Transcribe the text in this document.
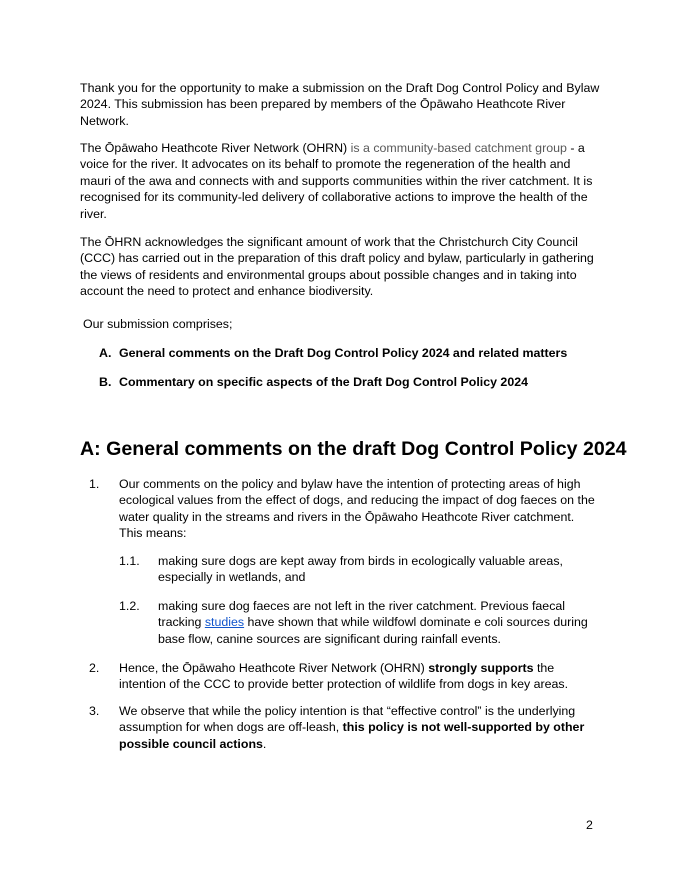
Thank you for the opportunity to make a submission on the Draft Dog Control Policy and Bylaw 2024. This submission has been prepared by members of the Ōpāwaho Heathcote River Network.

The Ōpāwaho Heathcote River Network (OHRN) is a community-based catchment group - a voice for the river. It advocates on its behalf to promote the regeneration of the health and mauri of the awa and connects with and supports communities within the river catchment. It is recognised for its community-led delivery of collaborative actions to improve the health of the river.

The ŌHRN acknowledges the significant amount of work that the Christchurch City Council (CCC) has carried out in the preparation of this draft policy and bylaw, particularly in gathering the views of residents and environmental groups about possible changes and in taking into account the need to protect and enhance biodiversity.

Our submission comprises;

A. General comments on the Draft Dog Control Policy 2024 and related matters

B. Commentary on specific aspects of the Draft Dog Control Policy 2024

A: General comments on the draft Dog Control Policy 2024
1. Our comments on the policy and bylaw have the intention of protecting areas of high ecological values from the effect of dogs, and reducing the impact of dog faeces on the water quality in the streams and rivers in the Ōpāwaho Heathcote River catchment. This means:
1.1. making sure dogs are kept away from birds in ecologically valuable areas, especially in wetlands, and
1.2. making sure dog faeces are not left in the river catchment. Previous faecal tracking studies have shown that while wildfowl dominate e coli sources during base flow, canine sources are significant during rainfall events.
2. Hence, the Ōpāwaho Heathcote River Network (OHRN) strongly supports the intention of the CCC to provide better protection of wildlife from dogs in key areas.
3. We observe that while the policy intention is that “effective control” is the underlying assumption for when dogs are off-leash, this policy is not well-supported by other possible council actions.

2
